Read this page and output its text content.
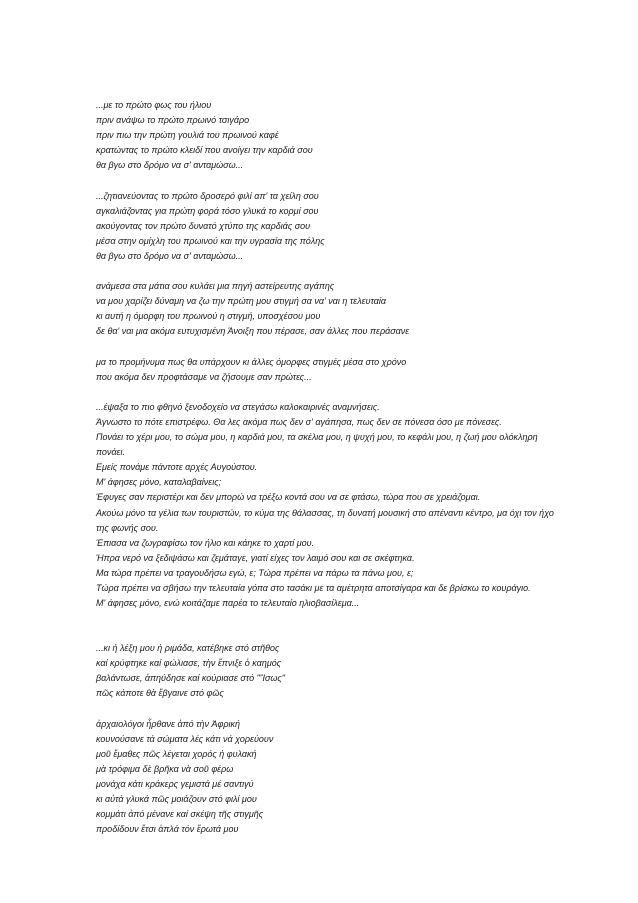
...με το πρώτο φως του ήλιου
πριν ανάψω το πρώτο πρωινό τσιγάρο
πριν πιω την πρώτη γουλιά του πρωινού καφέ
κρατώντας το πρώτο κλειδί που ανοίγει την καρδιά σου
θα βγω στο δρόμο να σ' ανταμώσω...
...ζητιανεύοντας το πρώτο δροσερό φιλί απ' τα χείλη σου
αγκαλιάζοντας για πρώτη φορά τόσο γλυκά το κορμί σου
ακούγοντας τον πρώτο δυνατό χτύπο της καρδιάς σου
μέσα στην ομίχλη του πρωινού και την υγρασία της πόλης
θα βγω στο δρόμο να σ' ανταμώσω...
ανάμεσα στα μάτια σου κυλάει μια πηγή αστείρευτης αγάπης
να μου χαρίζει δύναμη να ζω την πρώτη μου στιγμή σα να' ναι η τελευταία
κι αυτή η όμορφη του πρωινού η στιγμή, υποσχέσου μου
δε θα' ναι μια ακόμα ευτυχισμένη Άνοιξη που πέρασε, σαν άλλες που περάσανε
μα το προμήνυμα πως θα υπάρχουν κι άλλες όμορφες στιγμές μέσα στο χρόνο
που ακόμα δεν προφτάσαμε να ζήσουμε σαν πρώτες...
...έψαξα το πιο φθηνό ξενοδοχείο να στεγάσω καλοκαιρινές αναμνήσεις.
Άγνωστο το πότε επιστρέφω. Θα λες ακόμα πως δεν σ' αγάπησα, πως δεν σε πόνεσα όσο με πόνεσες.
Πονάει το χέρι μου, το σώμα μου, η καρδιά μου, τα σκέλια μου, η ψυχή μου, το κεφάλι μου, η ζωή μου ολόκληρη πονάει.
Εμείς πονάμε πάντοτε αρχές Αυγούστου.
Μ' άφησες μόνο, καταλαβαίνεις;
Έφυγες σαν περιστέρι και δεν μπορώ να τρέξω κοντά σου να σε φτάσω, τώρα που σε χρειάζομαι.
Ακούω μόνο τα γέλια των τουριστών, το κύμα της θάλασσας, τη δυνατή μουσική στο απέναντι κέντρο, μα όχι τον ήχο της φωνής σου.
Έπιασα να ζωγραφίσω τον ήλιο και κάηκε το χαρτί μου.
Ήπρα νερό να ξεδιψάσω και ζεμάταγε, γιατί είχες τον λαιμό σου και σε σκέφτηκα.
Μα τώρα πρέπει να τραγουδήσω εγώ, ε; Τώρα πρέπει να πάρω τα πάνω μου, ε;
Τώρα πρέπει να σβήσω την τελευταία γόπα στο τασάκι με τα αμέτρητα αποτσίγαρα και δε βρίσκω το κουράγιο.
Μ' άφησες μόνο, ενώ κοιτάζαμε παρέα το τελευταίο ηλιοβασίλεμα...
...κι ἡ λέξη μου ἡ ριμάδα, κατέβηκε στό στῆθος
καί κρύφτηκε καί φώλιασε, τὴν ἔπνιξε ὁ καημός
βαλάντωσε, ἀπηύδησε καί κούριασε στό "Ἴσως"
πῶς κάποτε θὰ ἔβγαινε στό φῶς
ἀρχαιολόγοι ἦρθανε ἀπό τὴν Ἀφρική
κουνούσανε τά σώματα λές κάτι νά χορεύουν
μοῦ ἔμαθες πῶς λέγεται χορός ἡ φυλακή
μὰ τρόφιμα δὲ βρῆκα νὰ σοῦ φέρω
μονάχα κάτι κράκερς γεμιστά μέ σαντιγύ
κι αὐτά γλυκά πῶς μοιάζουν στό φιλί μου
κομμάτι ἀπό μένανε καί σκέψη τῆς στιγμῆς
προδίδουν ἔτσι ἁπλά τόν ἔρωτά μου
